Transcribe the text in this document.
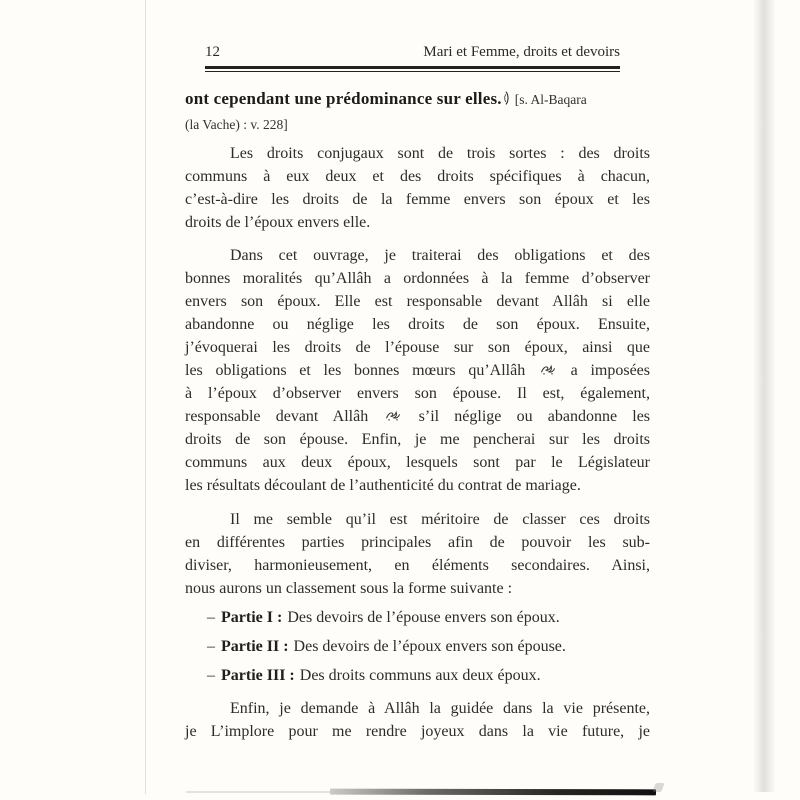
12	Mari et Femme, droits et devoirs
ont cependant une prédominance sur elles. [s. Al-Baqara
(la Vache) : v. 228]
Les droits conjugaux sont de trois sortes : des droits
communs à eux deux et des droits spécifiques à chacun,
c’est-à-dire les droits de la femme envers son époux et les
droits de l’époux envers elle.
Dans cet ouvrage, je traiterai des obligations et des
bonnes moralités qu’Allâh a ordonnées à la femme d’observer
envers son époux. Elle est responsable devant Allâh si elle
abandonne ou néglige les droits de son époux. Ensuite,
j’évoquerai les droits de l’épouse sur son époux, ainsi que
les obligations et les bonnes mœurs qu’Allâh	a imposées
à l’époux d’observer envers son épouse. Il est, également,
responsable devant Allâh	s’il néglige ou abandonne les
droits de son épouse. Enfin, je me pencherai sur les droits
communs aux deux époux, lesquels sont par le Législateur
les résultats découlant de l’authenticité du contrat de mariage.
Il me semble qu’il est méritoire de classer ces droits
en différentes parties principales afin de pouvoir les sub-
diviser, harmonieusement, en éléments secondaires. Ainsi,
nous aurons un classement sous la forme suivante :
– Partie I : Des devoirs de l’épouse envers son époux.
– Partie II : Des devoirs de l’époux envers son épouse.
– Partie III : Des droits communs aux deux époux.
Enfin, je demande à Allâh la guidée dans la vie présente,
je L’implore pour me rendre joyeux dans la vie future, je
